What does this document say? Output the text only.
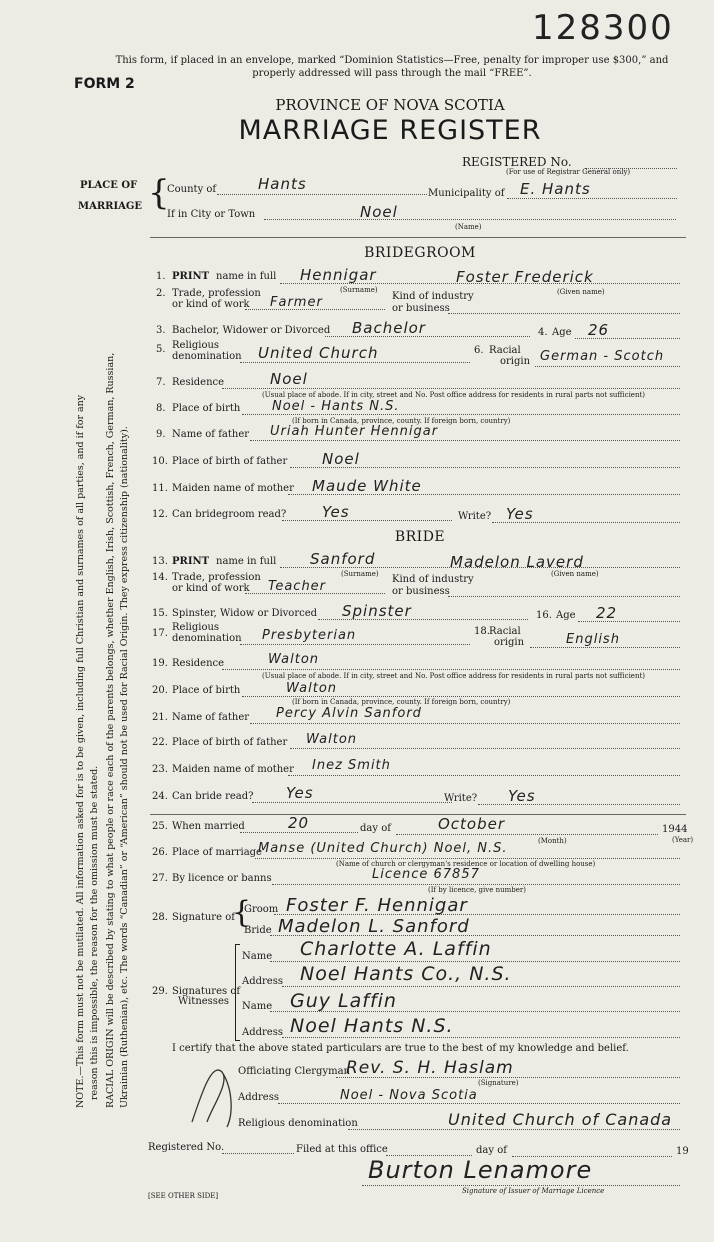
128300
This form, if placed in an envelope, marked “Dominion Statistics—Free, penalty for improper use $300,” and properly addressed will pass through the mail “FREE”.
FORM 2
PROVINCE OF NOVA SCOTIA
MARRIAGE REGISTER
REGISTERED No.
(For use of Registrar General only)
PLACE OF
MARRIAGE {
County of	Hants
Municipality of E. Hants
If in City or Town	Noel
(Name)
NOTE.—This form must not be mutilated. All information asked for is to be given, including full Christian and surnames of all parties, and if for any reason this is impossible, the reason for the omission must be stated. RACIAL ORIGIN will be described by stating to what people or race each of the parents belongs, whether English, Irish, Scottish, French, German, Russian, Ukrainian (Ruthenian), etc. The words “Canadian” or “American” should not be used for Racial Origin. They express citizenship (nationality).
BRIDEGROOM
1. PRINT name in full Hennigar	Foster Frederick
(Surname)	(Given name)
2. Trade, profession
or kind of work Farmer	Kind of industry
or business
3. Bachelor, Widower or Divorced Bachelor	4. Age 26
5. Religious
denomination United Church	6. Racial
origin German - Scotch
7. Residence	Noel
(Usual place of abode. If in city, street and No. Post office address for residents in rural parts not sufficient)
8. Place of birth Noel - Hants N.S.
(If born in Canada, province, county. If foreign born, country)
9. Name of father Uriah Hunter Hennigar
10. Place of birth of father Noel
11. Maiden name of mother Maude White
12. Can bridegroom read? Yes	Write? Yes
BRIDE
13. PRINT name in full Sanford	Madelon Laverd
(Surname)	(Given name)
14. Trade, profession
or kind of work Teacher	Kind of industry
or business
15. Spinster, Widow or Divorced Spinster	16. Age 22
17.
Religious
denomination Presbyterian	18. Racial
origin	English
19. Residence	Walton
(Usual place of abode. If in city, street and No. Post office address for residents in rural parts not sufficient)
20. Place of birth	Walton
(If born in Canada, province, county. If foreign born, country)
21. Name of father Percy Alvin Sanford
22. Place of birth of father Walton
23. Maiden name of mother Inez Smith
24. Can bride read? Yes	Write? Yes
25. When married	20	day of	October
(Month)
1944
(Year)
26. Place of marriage
Manse (United Church) Noel, N.S.
(Name of church or clergyman's residence or location of dwelling house)
27. By licence or banns	Licence 67857
(If by licence, give number)
28. Signature of
{
Groom Foster F. Hennigar
Bride Madelon L. Sanford
29. Signatures of
Witnesses
Name Charlotte A. Laffin
Address Noel Hants Co., N.S.
Name Guy Laffin
Address Noel Hants N.S.
I certify that the above stated particulars are true to the best of my knowledge and belief.
Officiating Clergyman
Rev. S. H. Haslam
(Signature)
Address	Noel - Nova Scotia
Religious denomination	United Church of Canada
Registered No.	Filed at this office	day of	19
Burton Lenamore
Signature of Issuer of Marriage Licence
[SEE OTHER SIDE]
